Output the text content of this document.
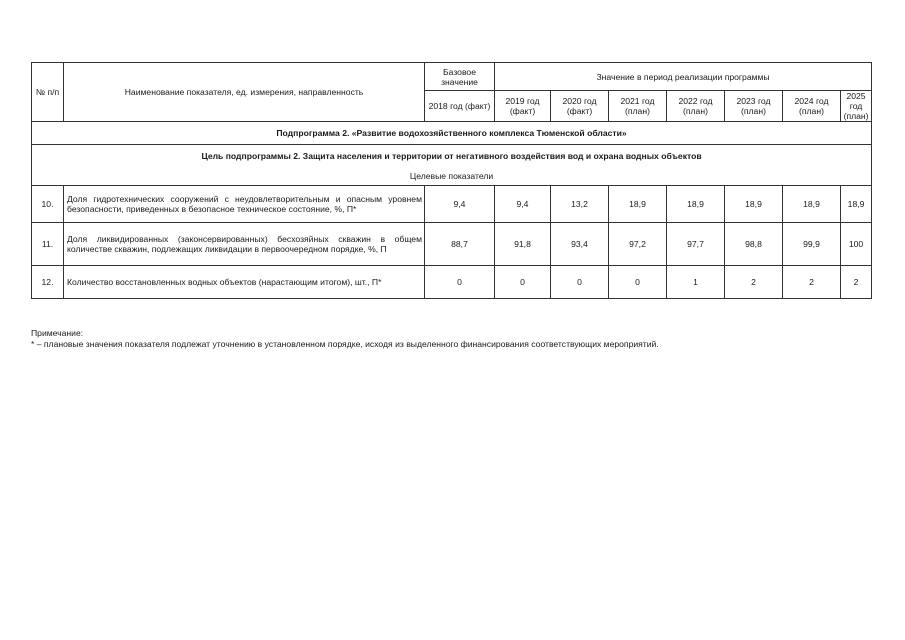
№ п/п	Наименование показателя, ед. измерения, направленность	Базовое значение	Значение в период реализации программы						
		2018 год (факт)	2019 год (факт)	2020 год (факт)	2021 год (план)	2022 год (план)	2023 год (план)	2024 год (план)	2025 год (план)
Подпрограмма 2. «Развитие водохозяйственного комплекса Тюменской области»									
Цель подпрограммы 2. Защита населения и территории от негативного воздействия вод и охрана водных объектов									
Целевые показатели									
10.	Доля гидротехнических сооружений с неудовлетворительным и опасным уровнем безопасности, приведенных в безопасное техническое состояние, %, П*	9,4	9,4	13,2	18,9	18,9	18,9	18,9	18,9
11.	Доля ликвидированных (законсервированных) бесхозяйных скважин в общем количестве скважин, подлежащих ликвидации в первоочередном порядке, %, П	88,7	91,8	93,4	97,2	97,7	98,8	99,9	100
12.	Количество восстановленных водных объектов (нарастающим итогом), шт., П*	0	0	0	0	1	2	2	2
Примечание:
* – плановые значения показателя подлежат уточнению в установленном порядке, исходя из выделенного финансирования соответствующих мероприятий.
